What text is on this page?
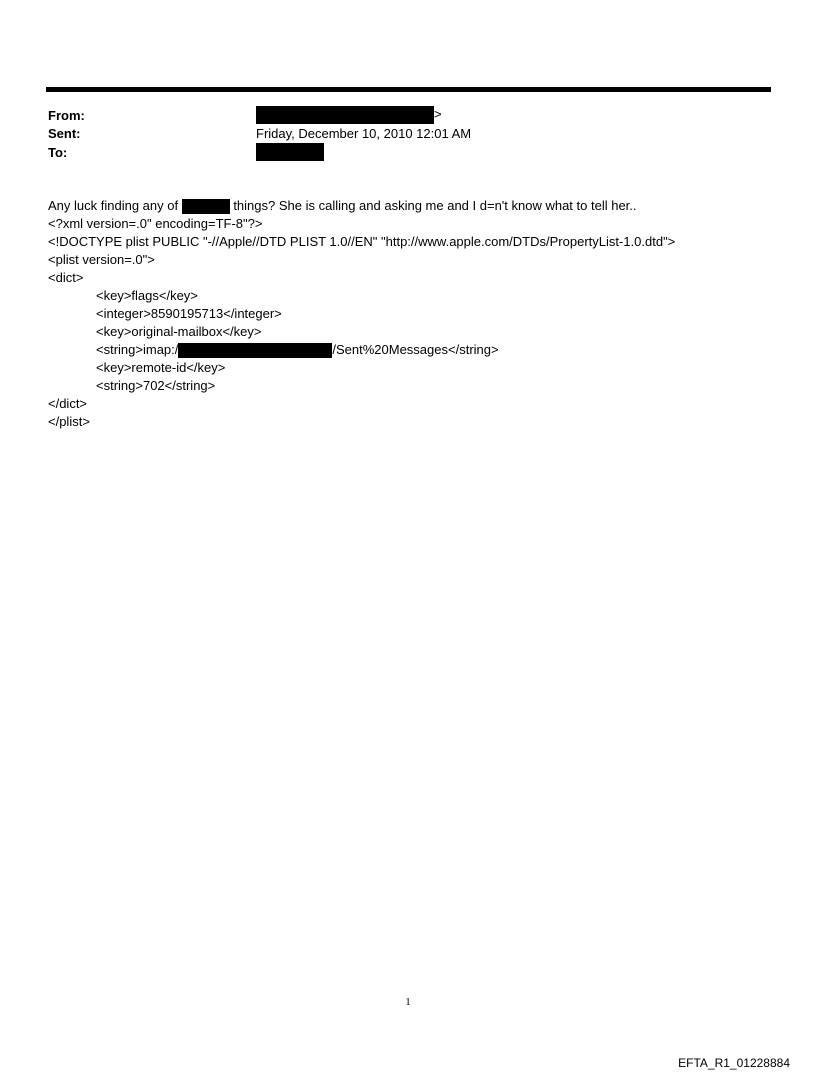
From:	>
Sent:	Friday, December 10, 2010 12:01 AM
To:
Any luck finding any of	things? She is calling and asking me and I d=n't know what to tell her..
<?xml version=.0" encoding=TF-8"?>
<!DOCTYPE plist PUBLIC "-//Apple//DTD PLIST 1.0//EN" "http://www.apple.com/DTDs/PropertyList-1.0.dtd">
<plist version=.0">
<dict>
<key>flags</key>
<integer>8590195713</integer>
<key>original-mailbox</key>
<string>imap:/	/Sent%20Messages</string>
<key>remote-id</key>
<string>702</string>
</dict>
</plist>
1
EFTA_R1_01228884
